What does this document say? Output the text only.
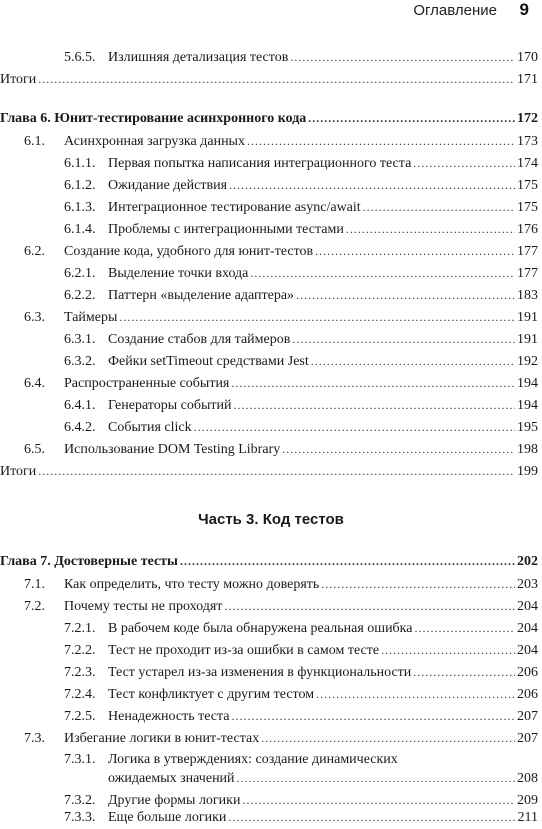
Оглавление 9
5.6.5. Излишняя детализация тестов . . .	170
Итоги . . .	171
Глава 6. Юнит-тестирование асинхронного кода . . .	172
6.1.	Асинхронная загрузка данных . . .	173
6.1.1. Первая попытка написания интеграционного теста . . .	174
6.1.2. Ожидание действия . . .	175
6.1.3. Интеграционное тестирование async/await . . .	175
6.1.4. Проблемы с интеграционными тестами . . .	176
6.2.	Создание кода, удобного для юнит-тестов . . .	177
6.2.1. Выделение точки входа . . .	177
6.2.2. Паттерн «выделение адаптера» . . .	183
6.3.	Таймеры . . .	191
6.3.1. Создание стабов для таймеров . . .	191
6.3.2. Фейки setTimeout средствами Jest . . .	192
6.4.	Распространенные события . . .	194
6.4.1. Генераторы событий . . .	194
6.4.2. События click . . .	195
6.5.	Использование DOM Testing Library . . .	198
Итоги . . .	199
Глава 7. Достоверные тесты . . .	202
7.1.	Как определить, что тесту можно доверять . . .	203
7.2.	Почему тесты не проходят . . .	204
7.2.1. В рабочем коде была обнаружена реальная ошибка . . .	204
7.2.2. Тест не проходит из-за ошибки в самом тесте . . .	204
7.2.3. Тест устарел из-за изменения в функциональности . . .	206
7.2.4. Тест конфликтует с другим тестом . . .	206
7.2.5. Ненадежность теста . . .	207
7.3.	Избегание логики в юнит-тестах . . .	207
7.3.1. Логика в утверждениях: создание динамических
ожидаемых значений . . .	208
7.3.2. Другие формы логики . . .	209
7.3.3. Еще больше логики . . .	211
Часть 3. Код тестов
